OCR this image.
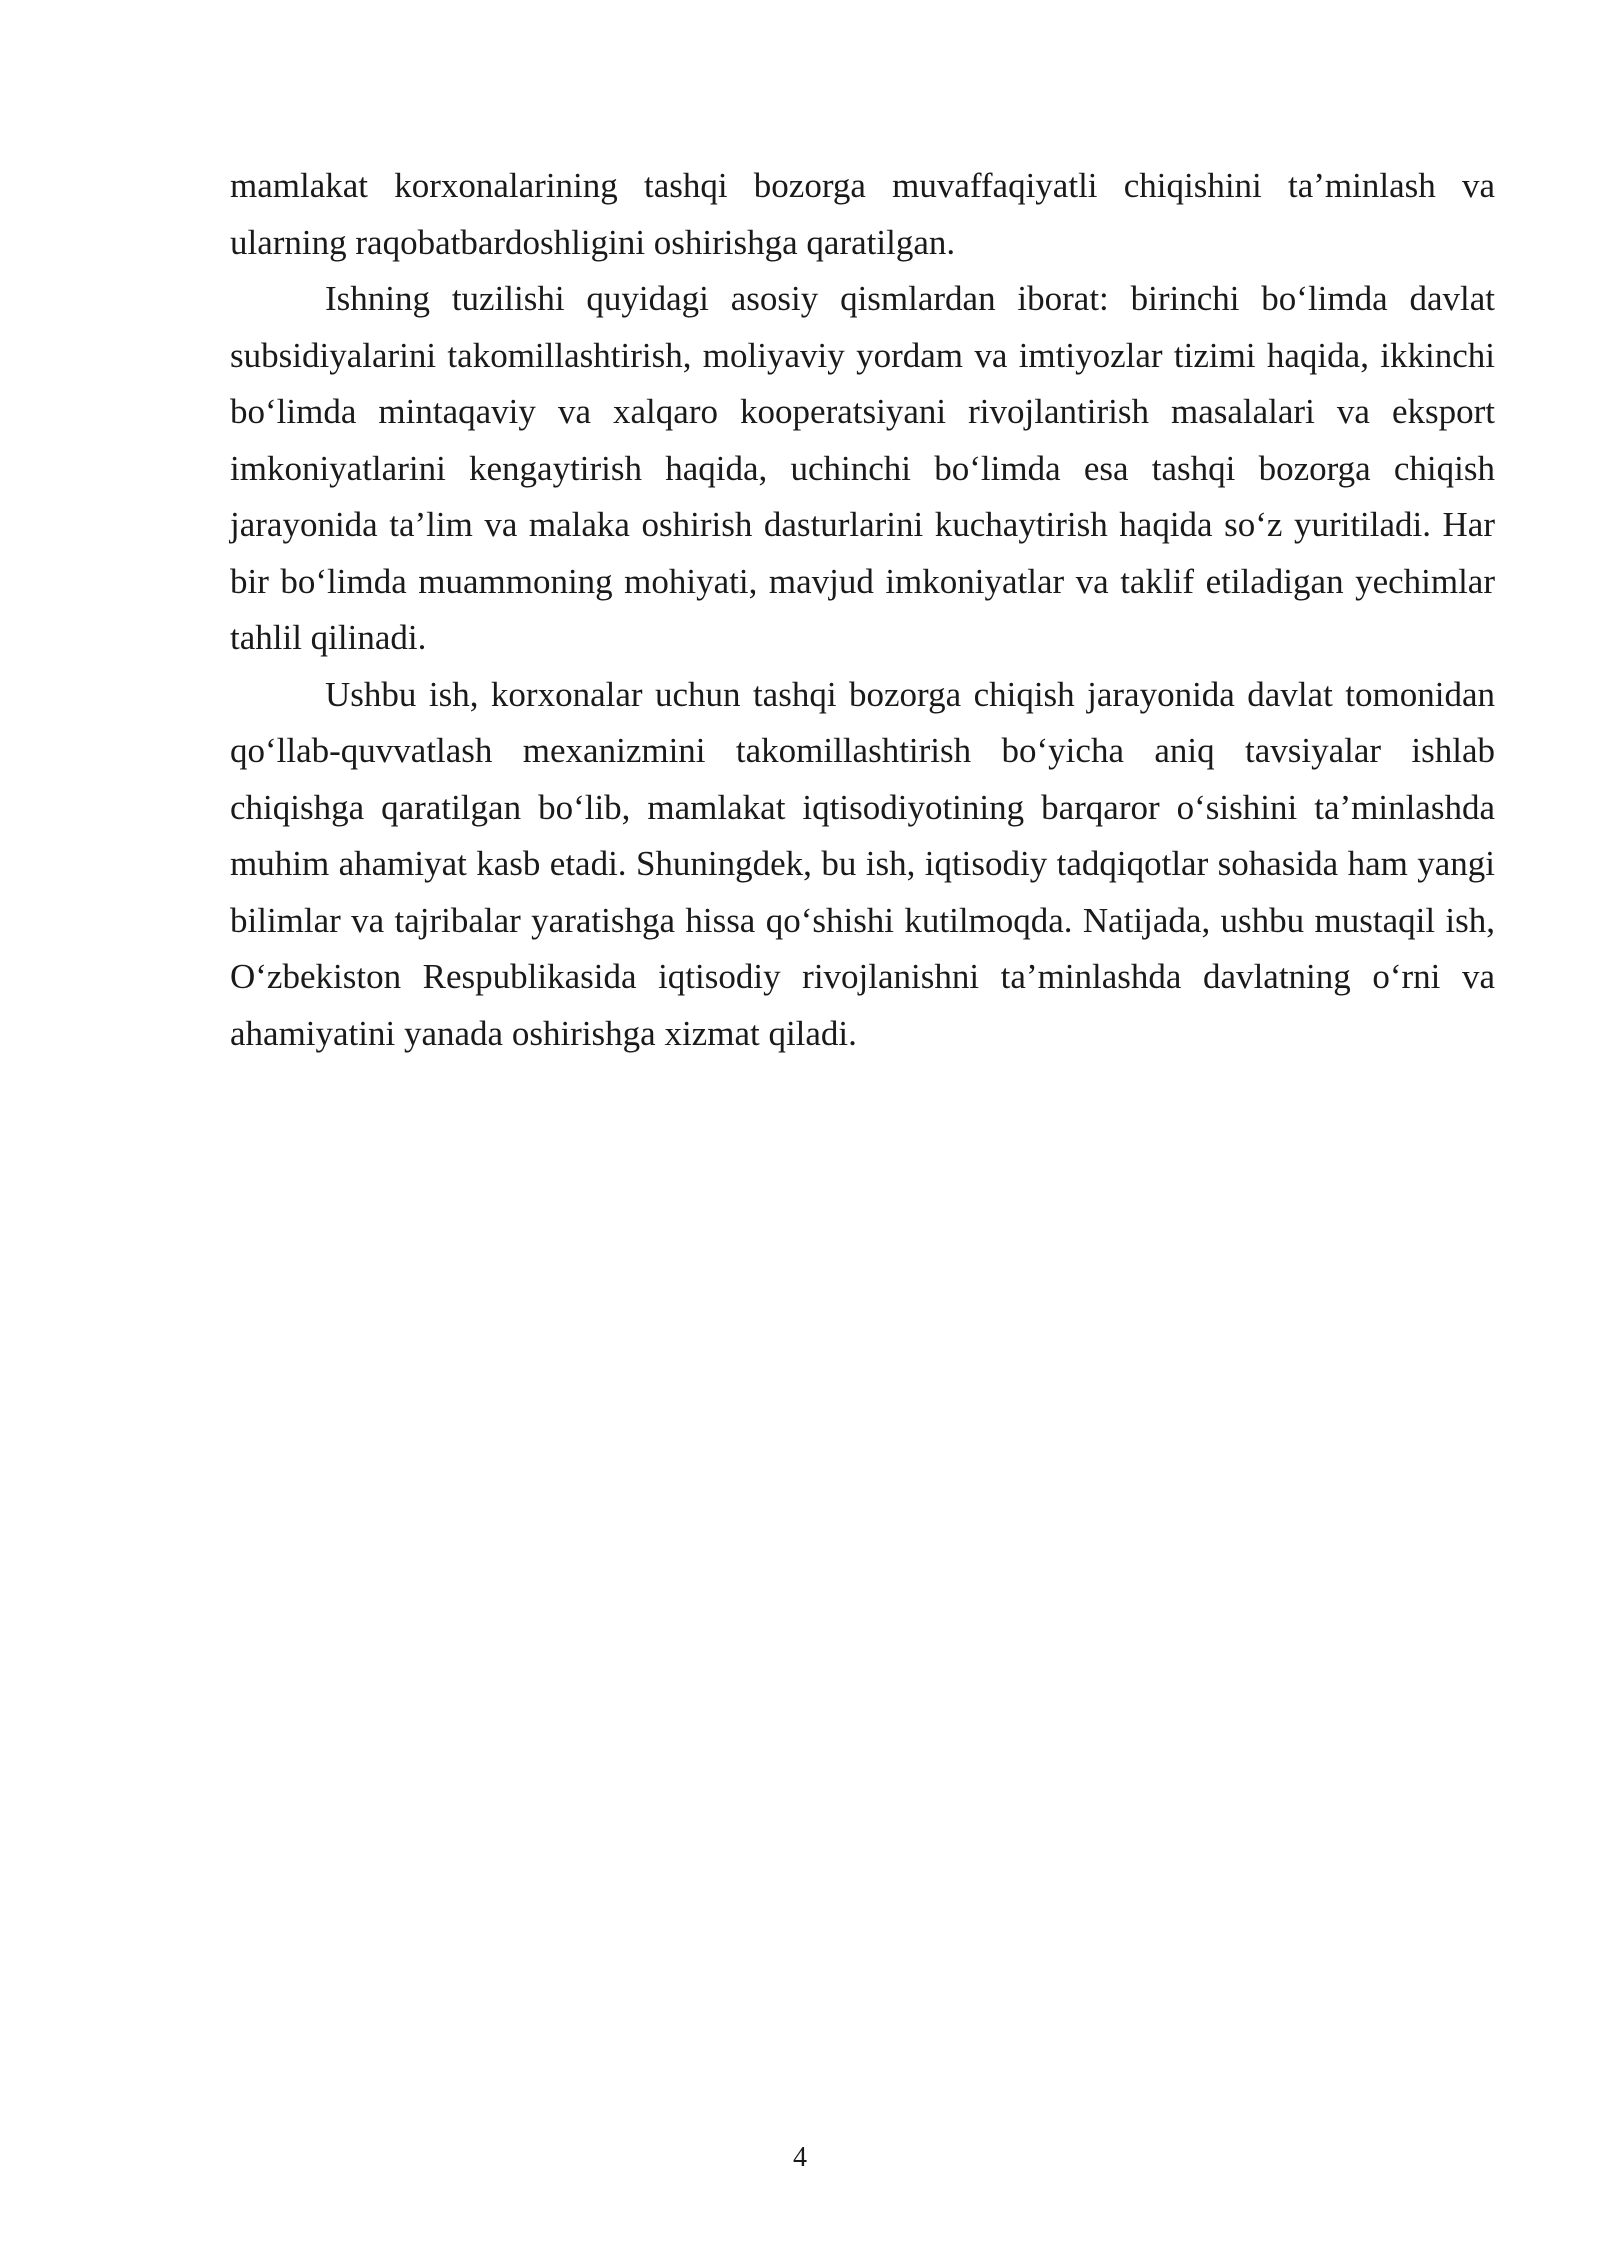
mamlakat korxonalarining tashqi bozorga muvaffaqiyatli chiqishini ta’minlash va ularning raqobatbardoshligini oshirishga qaratilgan.

Ishning tuzilishi quyidagi asosiy qismlardan iborat: birinchi bo‘limda davlat subsidiyalarini takomillashtirish, moliyaviy yordam va imtiyozlar tizimi haqida, ikkinchi bo‘limda mintaqaviy va xalqaro kooperatsiyani rivojlantirish masalalari va eksport imkoniyatlarini kengaytirish haqida, uchinchi bo‘limda esa tashqi bozorga chiqish jarayonida ta’lim va malaka oshirish dasturlarini kuchaytirish haqida so‘z yuritiladi. Har bir bo‘limda muammoning mohiyati, mavjud imkoniyatlar va taklif etiladigan yechimlar tahlil qilinadi.

Ushbu ish, korxonalar uchun tashqi bozorga chiqish jarayonida davlat tomonidan qo‘llab-quvvatlash mexanizmini takomillashtirish bo‘yicha aniq tavsiyalar ishlab chiqishga qaratilgan bo‘lib, mamlakat iqtisodiyotining barqaror o‘sishini ta’minlashda muhim ahamiyat kasb etadi. Shuningdek, bu ish, iqtisodiy tadqiqotlar sohasida ham yangi bilimlar va tajribalar yaratishga hissa qo‘shishi kutilmoqda. Natijada, ushbu mustaqil ish, O‘zbekiston Respublikasida iqtisodiy rivojlanishni ta’minlashda davlatning o‘rni va ahamiyatini yanada oshirishga xizmat qiladi.

4
